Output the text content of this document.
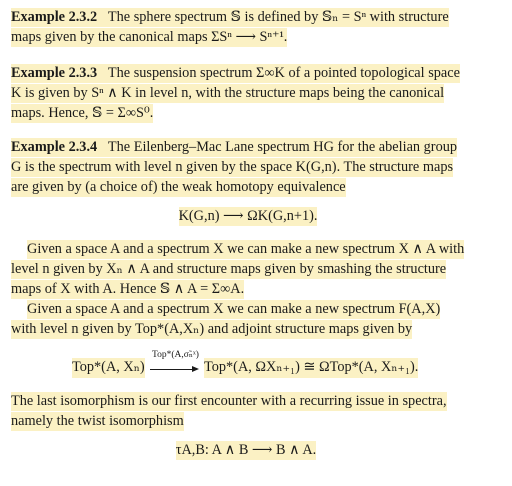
Example 2.3.2 The sphere spectrum 𝕊 is defined by 𝕊ₙ = Sⁿ with structure
maps given by the canonical maps ΣSⁿ ⟶ Sⁿ⁺¹.
Example 2.3.3 The suspension spectrum Σ∞K of a pointed topological space
K is given by Sⁿ ∧ K in level n, with the structure maps being the canonical
maps. Hence, 𝕊 = Σ∞S⁰.
Example 2.3.4 The Eilenberg–Mac Lane spectrum HG for the abelian group
G is the spectrum with level n given by the space K(G,n). The structure maps
are given by (a choice of) the weak homotopy equivalence
K(G,n) ⟶ ΩK(G,n+1).
Given a space A and a spectrum X we can make a new spectrum X ∧ A with
level n given by Xₙ ∧ A and structure maps given by smashing the structure
maps of X with A. Hence 𝕊 ∧ A = Σ∞A.
Given a space A and a spectrum X we can make a new spectrum F(A,X)
with level n given by Top*(A,Xₙ) and adjoint structure maps given by
Top*(A, Xₙ)
Top*(A,σ̃ₙˣ)
Top*(A, ΩXₙ₊₁) ≅ ΩTop*(A, Xₙ₊₁).
The last isomorphism is our first encounter with a recurring issue in spectra,
namely the twist isomorphism
τA,B: A ∧ B ⟶ B ∧ A.
